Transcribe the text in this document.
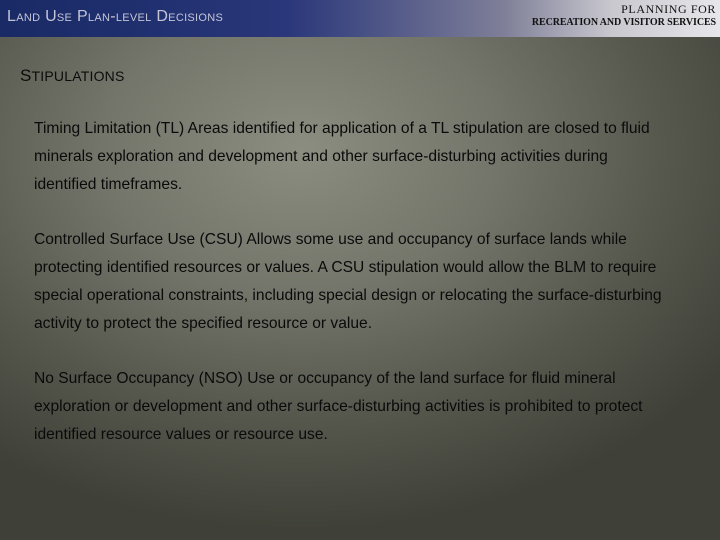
Land Use Plan-level Decisions	PLANNING FOR
RECREATION AND VISITOR SERVICES
STIPULATIONS

Timing Limitation (TL) Areas identified for application of a TL stipulation are closed to fluid minerals exploration and development and other surface-disturbing activities during identified timeframes.

Controlled Surface Use (CSU) Allows some use and occupancy of surface lands while protecting identified resources or values. A CSU stipulation would allow the BLM to require special operational constraints, including special design or relocating the surface-disturbing activity to protect the specified resource or value.

No Surface Occupancy (NSO) Use or occupancy of the land surface for fluid mineral exploration or development and other surface-disturbing activities is prohibited to protect identified resource values or resource use.
